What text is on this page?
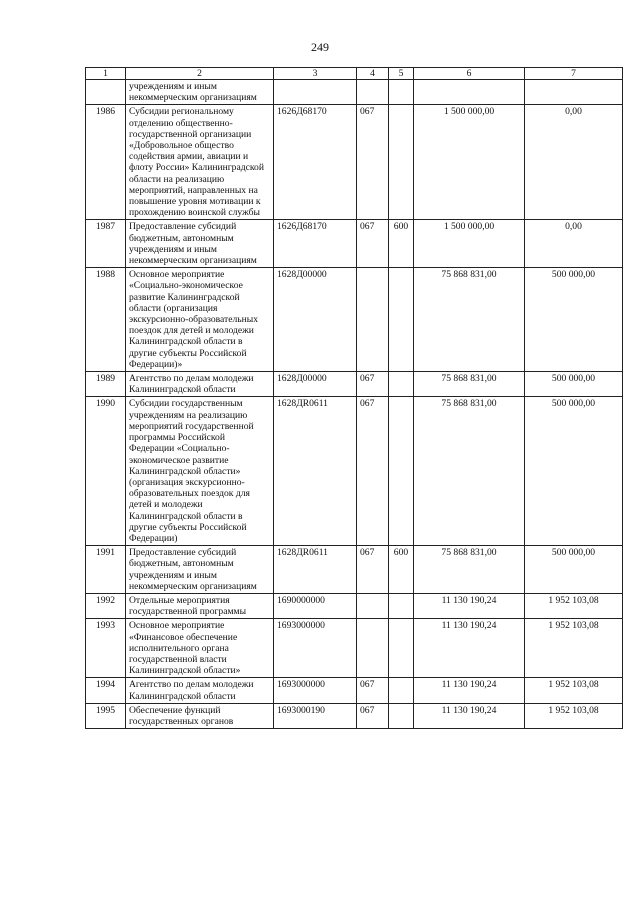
249
1	2	3	4	5	6	7
	учреждениям и иным некоммерческим организациям					
1986	Субсидии региональному отделению общественно-государственной организации «Добровольное общество содействия армии, авиации и флоту России» Калининградской области на реализацию мероприятий, направленных на повышение уровня мотивации к прохождению воинской службы	1626Д68170	067		1 500 000,00	0,00
1987	Предоставление субсидий бюджетным, автономным учреждениям и иным некоммерческим организациям	1626Д68170	067	600	1 500 000,00	0,00
1988	Основное мероприятие «Социально-экономическое развитие Калининградской области (организация экскурсионно-образовательных поездок для детей и молодежи Калининградской области в другие субъекты Российской Федерации)»	1628Д00000			75 868 831,00	500 000,00
1989	Агентство по делам молодежи Калининградской области	1628Д00000	067		75 868 831,00	500 000,00
1990	Субсидии государственным учреждениям на реализацию мероприятий государственной программы Российской Федерации «Социально-экономическое развитие Калининградской области» (организация экскурсионно-образовательных поездок для детей и молодежи Калининградской области в другие субъекты Российской Федерации)	1628ДR0611	067		75 868 831,00	500 000,00
1991	Предоставление субсидий бюджетным, автономным учреждениям и иным некоммерческим организациям	1628ДR0611	067	600	75 868 831,00	500 000,00
1992	Отдельные мероприятия государственной программы	1690000000			11 130 190,24	1 952 103,08
1993	Основное мероприятие «Финансовое обеспечение исполнительного органа государственной власти Калининградской области»	1693000000			11 130 190,24	1 952 103,08
1994	Агентство по делам молодежи Калининградской области	1693000000	067		11 130 190,24	1 952 103,08
1995	Обеспечение функций государственных органов	1693000190	067		11 130 190,24	1 952 103,08
